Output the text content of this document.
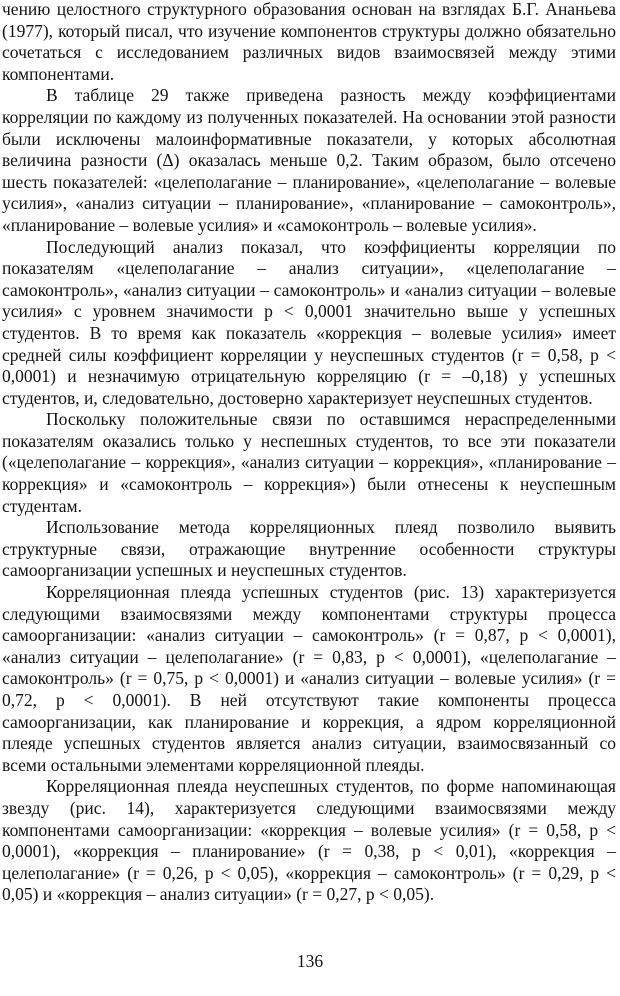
чению целостного структурного образования основан на взглядах Б.Г. Ананьева (1977), который писал, что изучение компонентов структуры должно обязательно сочетаться с исследованием различных видов взаимосвязей между этими компонентами.

В таблице 29 также приведена разность между коэффициентами корреляции по каждому из полученных показателей. На основании этой разности были исключены малоинформативные показатели, у которых абсолютная величина разности (Δ) оказалась меньше 0,2. Таким образом, было отсечено шесть показателей: «целеполагание – планирование», «целеполагание – волевые усилия», «анализ ситуации – планирование», «планирование – самоконтроль», «планирование – волевые усилия» и «самоконтроль – волевые усилия».

Последующий анализ показал, что коэффициенты корреляции по показателям «целеполагание – анализ ситуации», «целеполагание – самоконтроль», «анализ ситуации – самоконтроль» и «анализ ситуации – волевые усилия» с уровнем значимости p < 0,0001 значительно выше у успешных студентов. В то время как показатель «коррекция – волевые усилия» имеет средней силы коэффициент корреляции у неуспешных студентов (r = 0,58, p < 0,0001) и незначимую отрицательную корреляцию (r = –0,18) у успешных студентов, и, следовательно, достоверно характеризует неуспешных студентов.

Поскольку положительные связи по оставшимся нераспределенными показателям оказались только у неспешных студентов, то все эти показатели («целеполагание – коррекция», «анализ ситуации – коррекция», «планирование – коррекция» и «самоконтроль – коррекция») были отнесены к неуспешным студентам.

Использование метода корреляционных плеяд позволило выявить структурные связи, отражающие внутренние особенности структуры самоорганизации успешных и неуспешных студентов.

Корреляционная плеяда успешных студентов (рис. 13) характеризуется следующими взаимосвязями между компонентами структуры процесса самоорганизации: «анализ ситуации – самоконтроль» (r = 0,87, p < 0,0001), «анализ ситуации – целеполагание» (r = 0,83, p < 0,0001), «целеполагание – самоконтроль» (r = 0,75, p < 0,0001) и «анализ ситуации – волевые усилия» (r = 0,72, p < 0,0001). В ней отсутствуют такие компоненты процесса самоорганизации, как планирование и коррекция, а ядром корреляционной плеяде успешных студентов является анализ ситуации, взаимосвязанный со всеми остальными элементами корреляционной плеяды.

Корреляционная плеяда неуспешных студентов, по форме напоминающая звезду (рис. 14), характеризуется следующими взаимосвязями между компонентами самоорганизации: «коррекция – волевые усилия» (r = 0,58, p < 0,0001), «коррекция – планирование» (r = 0,38, p < 0,01), «коррекция – целеполагание» (r = 0,26, p < 0,05), «коррекция – самоконтроль» (r = 0,29, p < 0,05) и «коррекция – анализ ситуации» (r = 0,27, p < 0,05).

136
